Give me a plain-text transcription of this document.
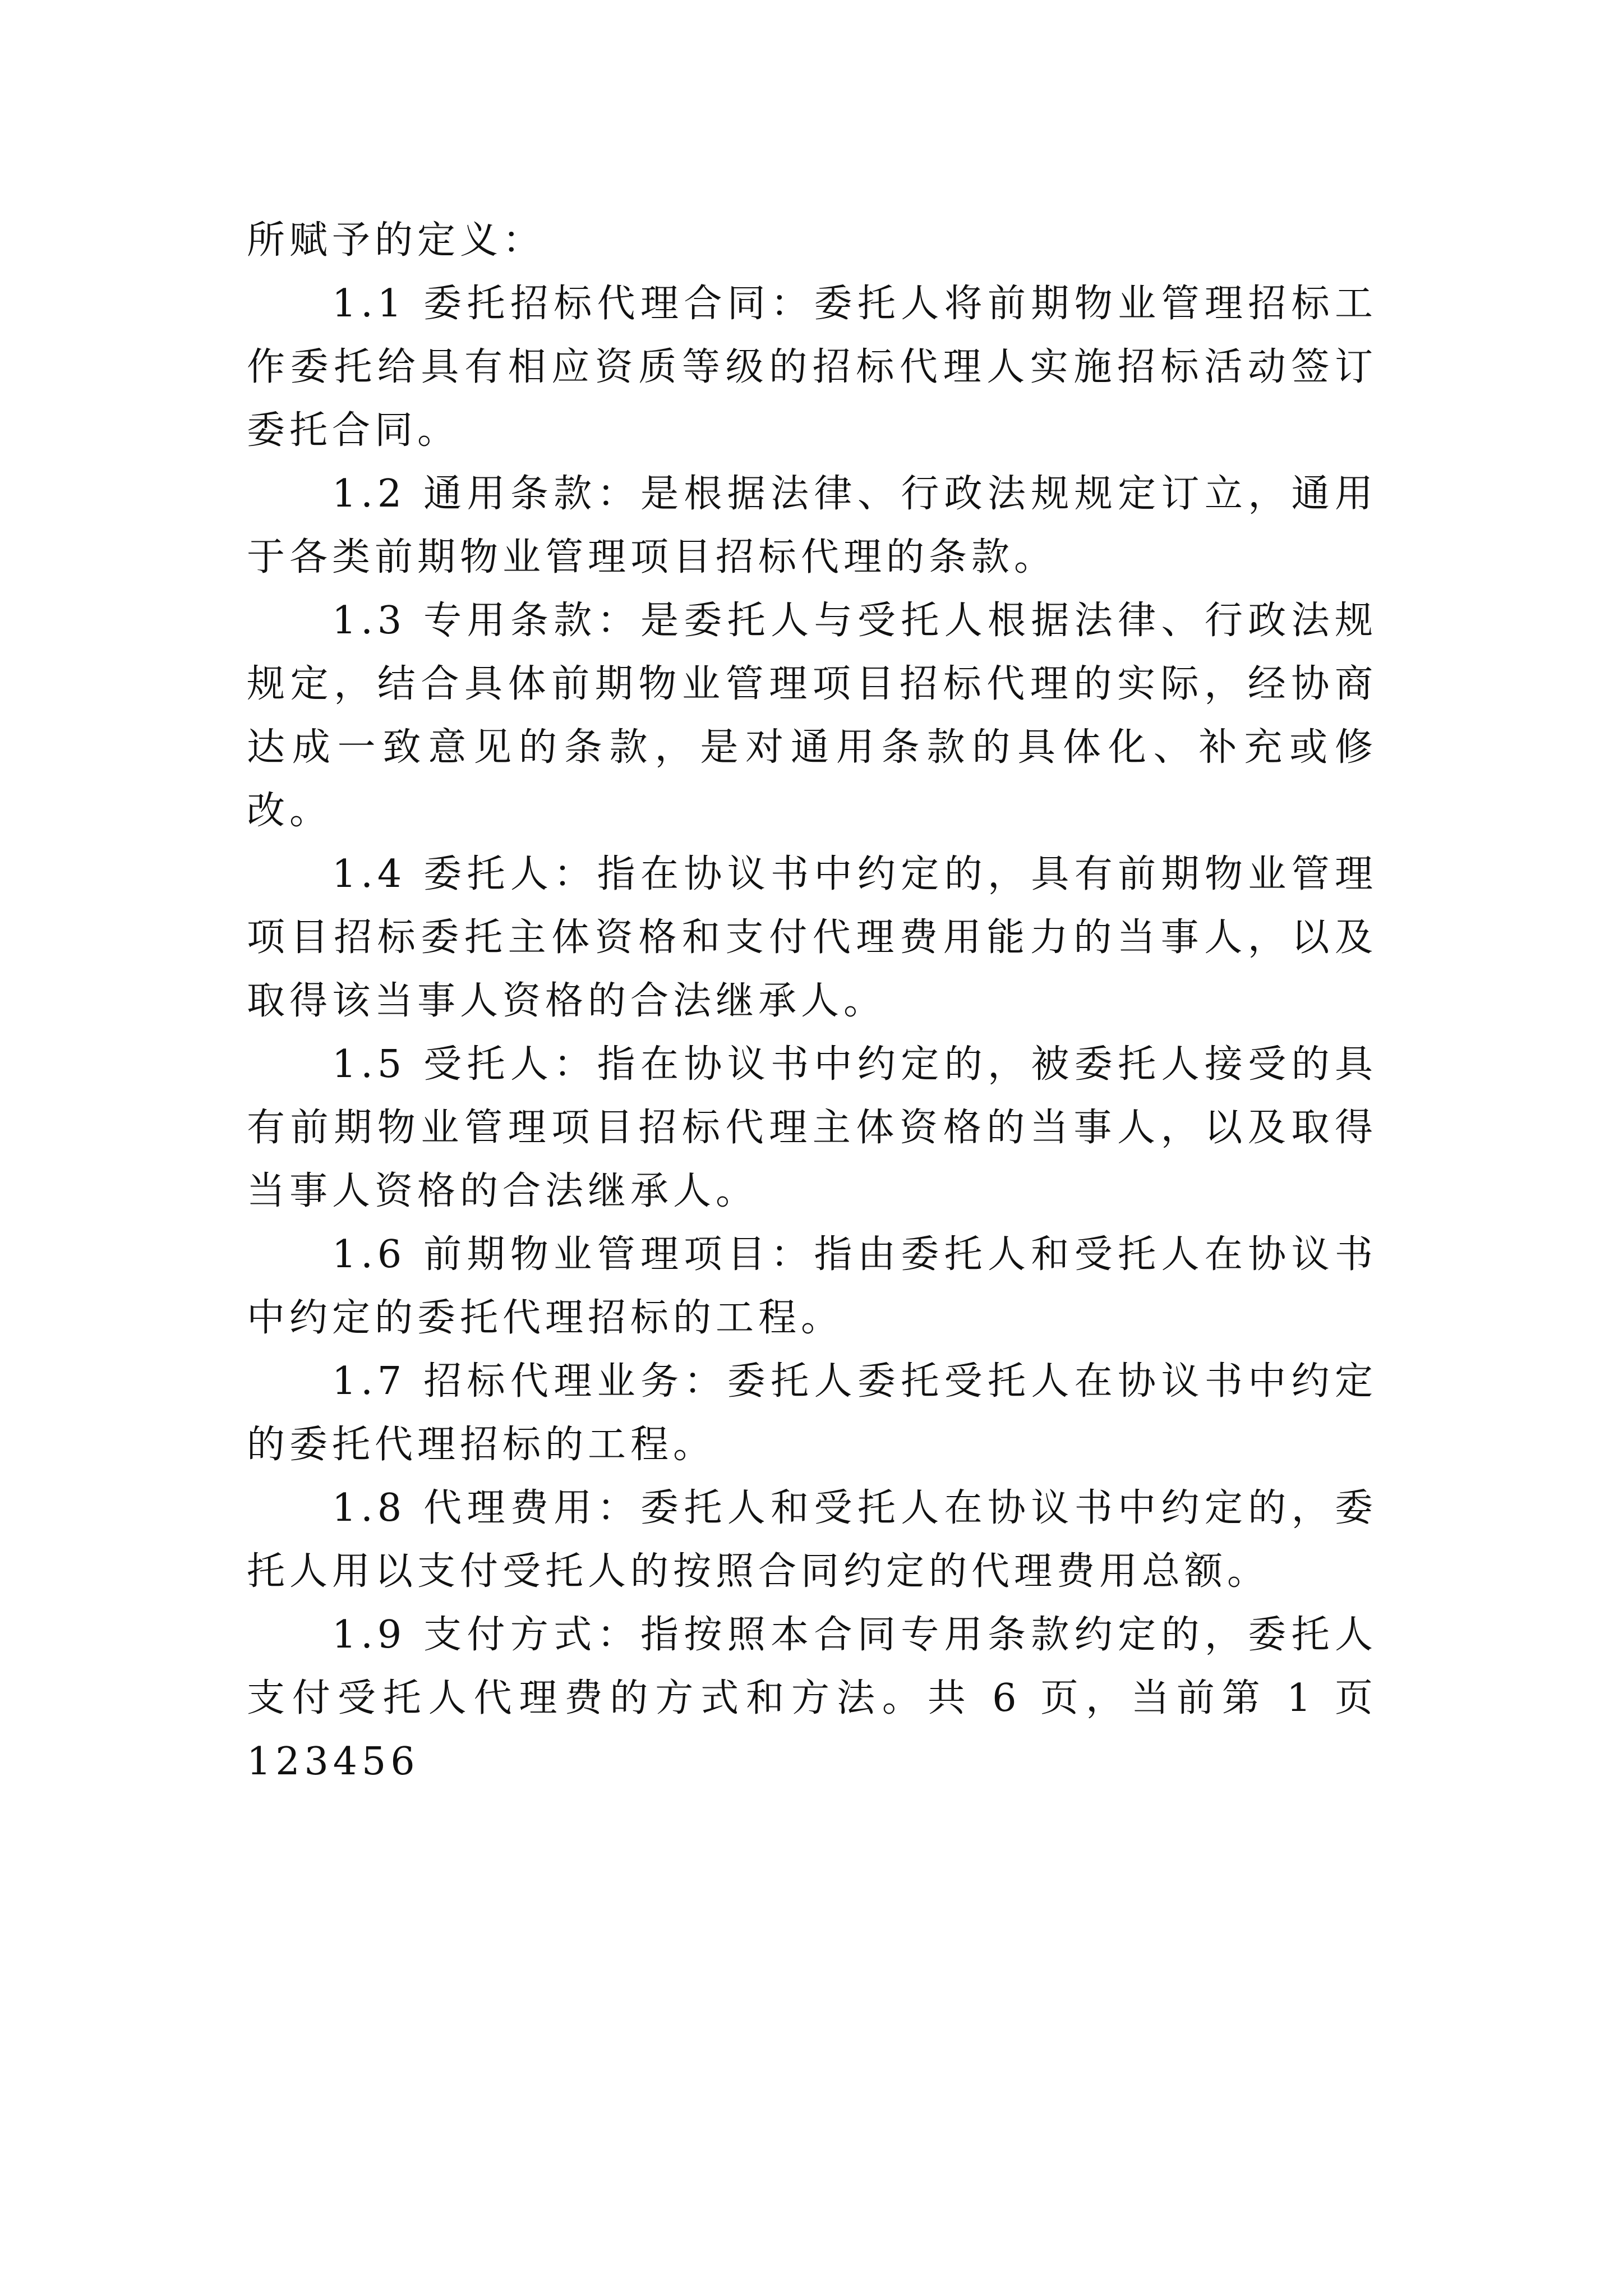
所赋予的定义：

1.1 委托招标代理合同：委托人将前期物业管理招标工作委托给具有相应资质等级的招标代理人实施招标活动签订委托合同。

1.2 通用条款：是根据法律、行政法规规定订立，通用于各类前期物业管理项目招标代理的条款。

1.3 专用条款：是委托人与受托人根据法律、行政法规规定，结合具体前期物业管理项目招标代理的实际，经协商达成一致意见的条款，是对通用条款的具体化、补充或修改。

1.4 委托人：指在协议书中约定的，具有前期物业管理项目招标委托主体资格和支付代理费用能力的当事人，以及取得该当事人资格的合法继承人。

1.5 受托人：指在协议书中约定的，被委托人接受的具有前期物业管理项目招标代理主体资格的当事人，以及取得当事人资格的合法继承人。

1.6 前期物业管理项目：指由委托人和受托人在协议书中约定的委托代理招标的工程。

1.7 招标代理业务：委托人委托受托人在协议书中约定的委托代理招标的工程。

1.8 代理费用：委托人和受托人在协议书中约定的，委托人用以支付受托人的按照合同约定的代理费用总额。

1.9 支付方式：指按照本合同专用条款约定的，委托人支付受托人代理费的方式和方法。共 6 页，当前第 1 页 123456
